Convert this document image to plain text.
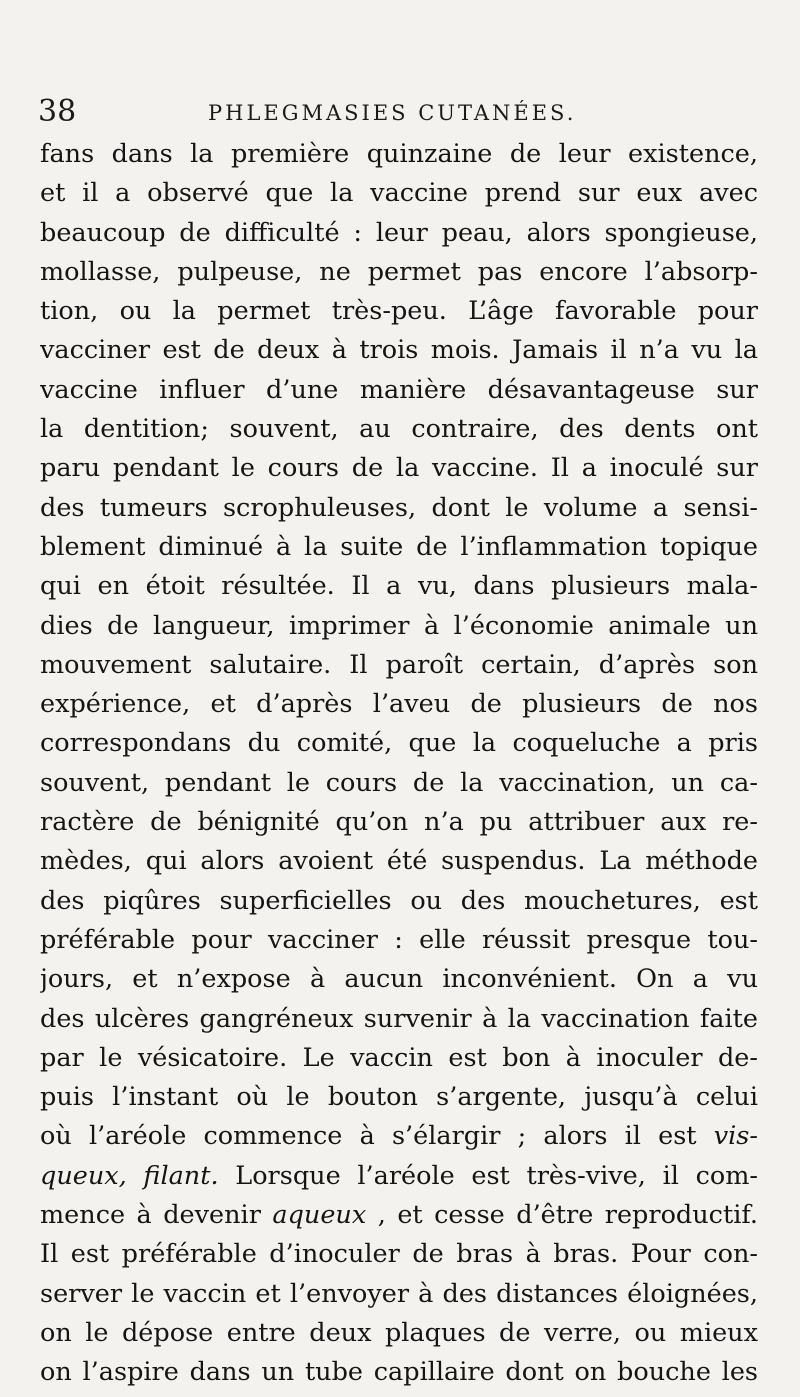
38	PHLEGMASIES CUTANÉES.
fans dans la première quinzaine de leur existence,
et il a observé que la vaccine prend sur eux avec
beaucoup de difficulté : leur peau, alors spongieuse,
mollasse, pulpeuse, ne permet pas encore l’absorp-
tion, ou la permet très-peu. L’âge favorable pour
vacciner est de deux à trois mois. Jamais il n’a vu la
vaccine influer d’une manière désavantageuse sur
la dentition; souvent, au contraire, des dents ont
paru pendant le cours de la vaccine. Il a inoculé sur
des tumeurs scrophuleuses, dont le volume a sensi-
blement diminué à la suite de l’inflammation topique
qui en étoit résultée. Il a vu, dans plusieurs mala-
dies de langueur, imprimer à l’économie animale un
mouvement salutaire. Il paroît certain, d’après son
expérience, et d’après l’aveu de plusieurs de nos
correspondans du comité, que la coqueluche a pris
souvent, pendant le cours de la vaccination, un ca-
ractère de bénignité qu’on n’a pu attribuer aux re-
mèdes, qui alors avoient été suspendus. La méthode
des piqûres superficielles ou des mouchetures, est
préférable pour vacciner : elle réussit presque tou-
jours, et n’expose à aucun inconvénient. On a vu
des ulcères gangréneux survenir à la vaccination faite
par le vésicatoire. Le vaccin est bon à inoculer de-
puis l’instant où le bouton s’argente, jusqu’à celui
où l’aréole commence à s’élargir ; alors il est vis-
queux, filant. Lorsque l’aréole est très-vive, il com-
mence à devenir aqueux , et cesse d’être reproductif.
Il est préférable d’inoculer de bras à bras. Pour con-
server le vaccin et l’envoyer à des distances éloignées,
on le dépose entre deux plaques de verre, ou mieux
on l’aspire dans un tube capillaire dont on bouche les
